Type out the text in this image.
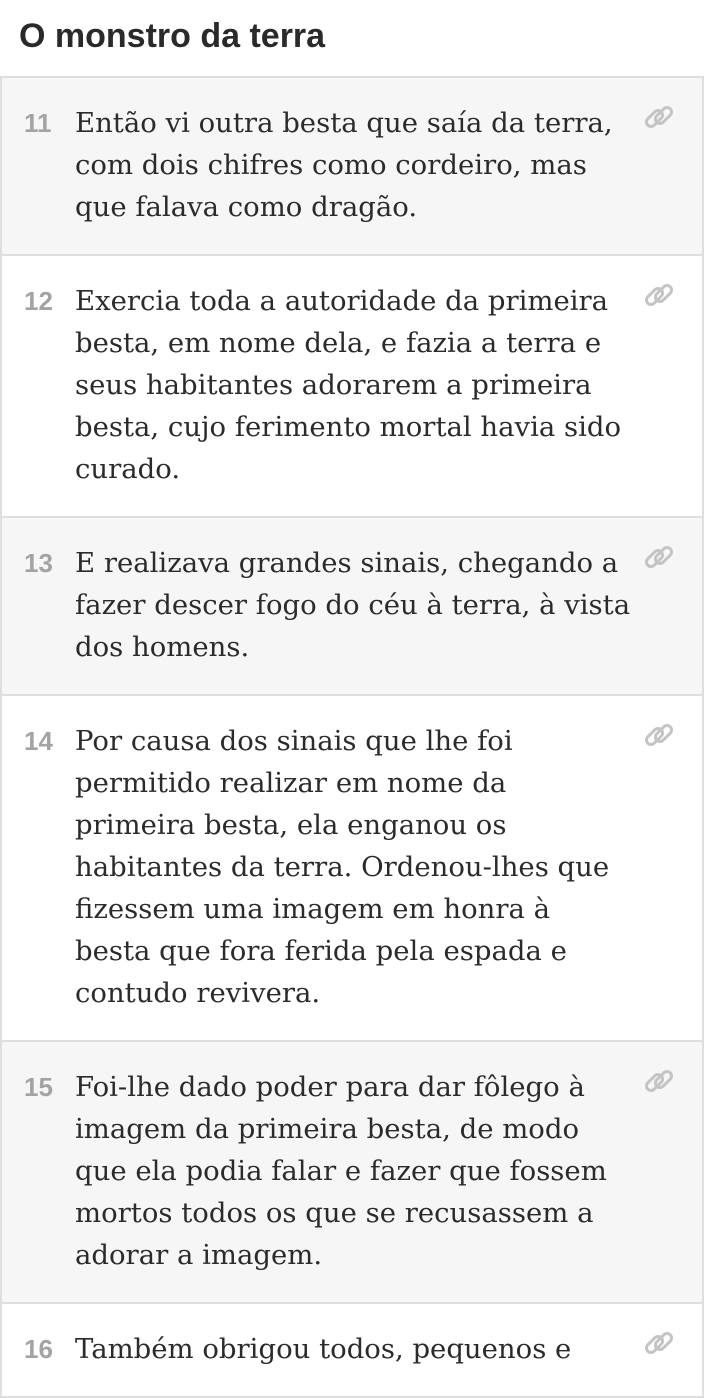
O monstro da terra
11 Então vi outra besta que saía da terra, com dois chifres como cordeiro, mas que falava como dragão.

12 Exercia toda a autoridade da primeira besta, em nome dela, e fazia a terra e seus habitantes adorarem a primeira besta, cujo ferimento mortal havia sido curado.

13 E realizava grandes sinais, chegando a fazer descer fogo do céu à terra, à vista dos homens.

14 Por causa dos sinais que lhe foi permitido realizar em nome da primeira besta, ela enganou os habitantes da terra. Ordenou-lhes que fizessem uma imagem em honra à besta que fora ferida pela espada e contudo revivera.

15 Foi-lhe dado poder para dar fôlego à imagem da primeira besta, de modo que ela podia falar e fazer que fossem mortos todos os que se recusassem a adorar a imagem.

16 Também obrigou todos, pequenos e
